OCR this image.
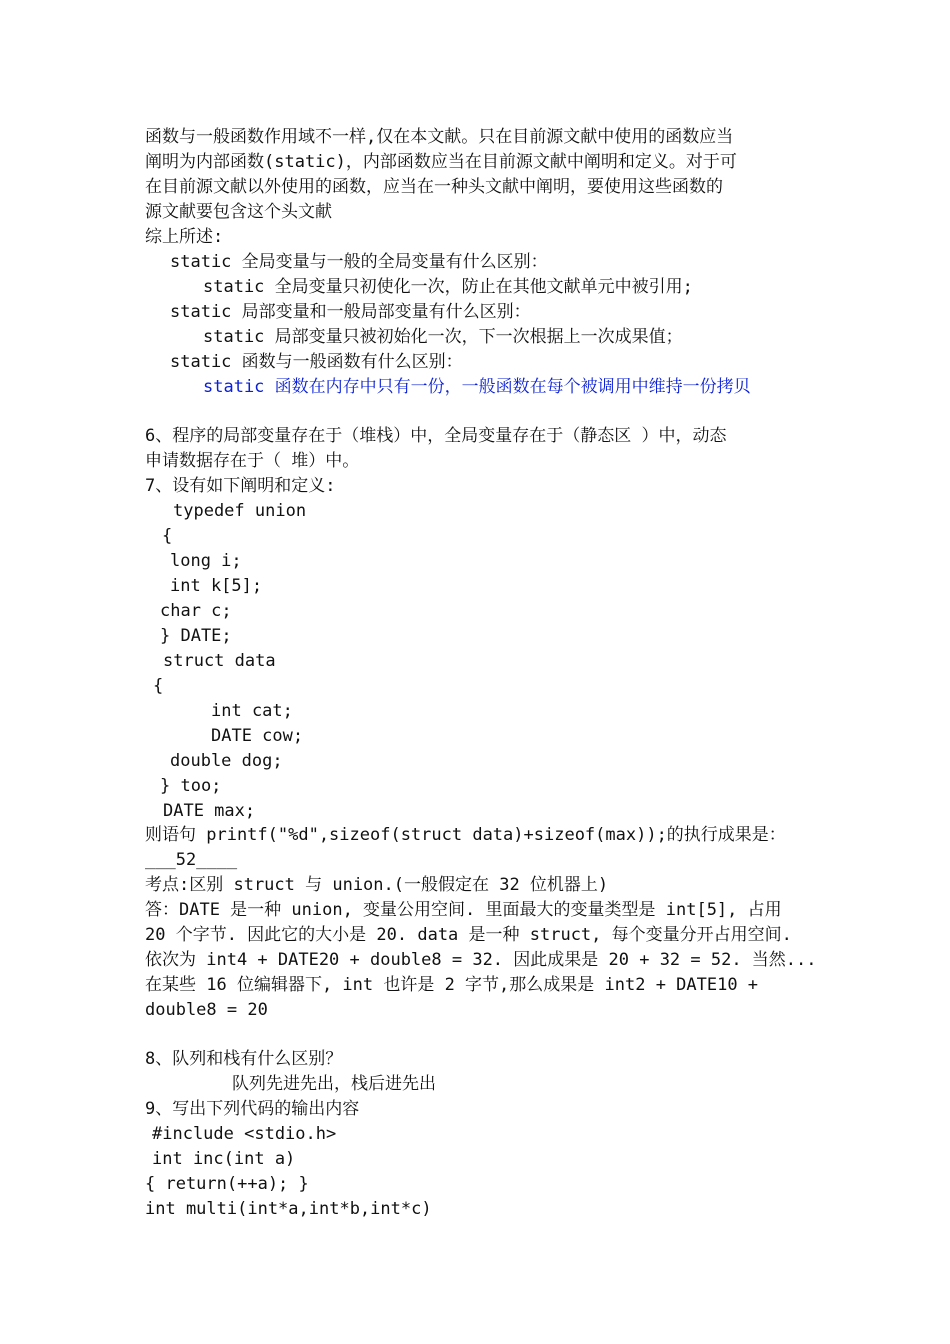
函数与一般函数作用域不一样,仅在本文献。只在目前源文献中使用的函数应当
阐明为内部函数(static)，内部函数应当在目前源文献中阐明和定义。对于可
在目前源文献以外使用的函数，应当在一种头文献中阐明，要使用这些函数的
源文献要包含这个头文献
综上所述:
static 全局变量与一般的全局变量有什么区别：
static 全局变量只初使化一次，防止在其他文献单元中被引用;
static 局部变量和一般局部变量有什么区别：
static 局部变量只被初始化一次，下一次根据上一次成果值；
static 函数与一般函数有什么区别：
static 函数在内存中只有一份，一般函数在每个被调用中维持一份拷贝
6、程序的局部变量存在于（堆栈）中，全局变量存在于（静态区 ）中，动态
申请数据存在于（ 堆）中。
7、设有如下阐明和定义:
typedef union
{
long i;
int k[5];
char c;
} DATE;
struct data
{
int cat;
DATE cow;
double dog;
} too;
DATE max;
则语句 printf("%d",sizeof(struct data)+sizeof(max));的执行成果是：
___52____
考点:区别 struct 与 union.(一般假定在 32 位机器上)
答：DATE 是一种 union, 变量公用空间. 里面最大的变量类型是 int[5], 占用
20 个字节. 因此它的大小是 20. data 是一种 struct, 每个变量分开占用空间.
依次为 int4 + DATE20 + double8 = 32. 因此成果是 20 + 32 = 52. 当然...
在某些 16 位编辑器下, int 也许是 2 字节,那么成果是 int2 + DATE10 +
double8 = 20
8、队列和栈有什么区别？
队列先进先出，栈后进先出
9、写出下列代码的输出内容
#include <stdio.h>
int inc(int a)
{ return(++a); }
int multi(int*a,int*b,int*c)
